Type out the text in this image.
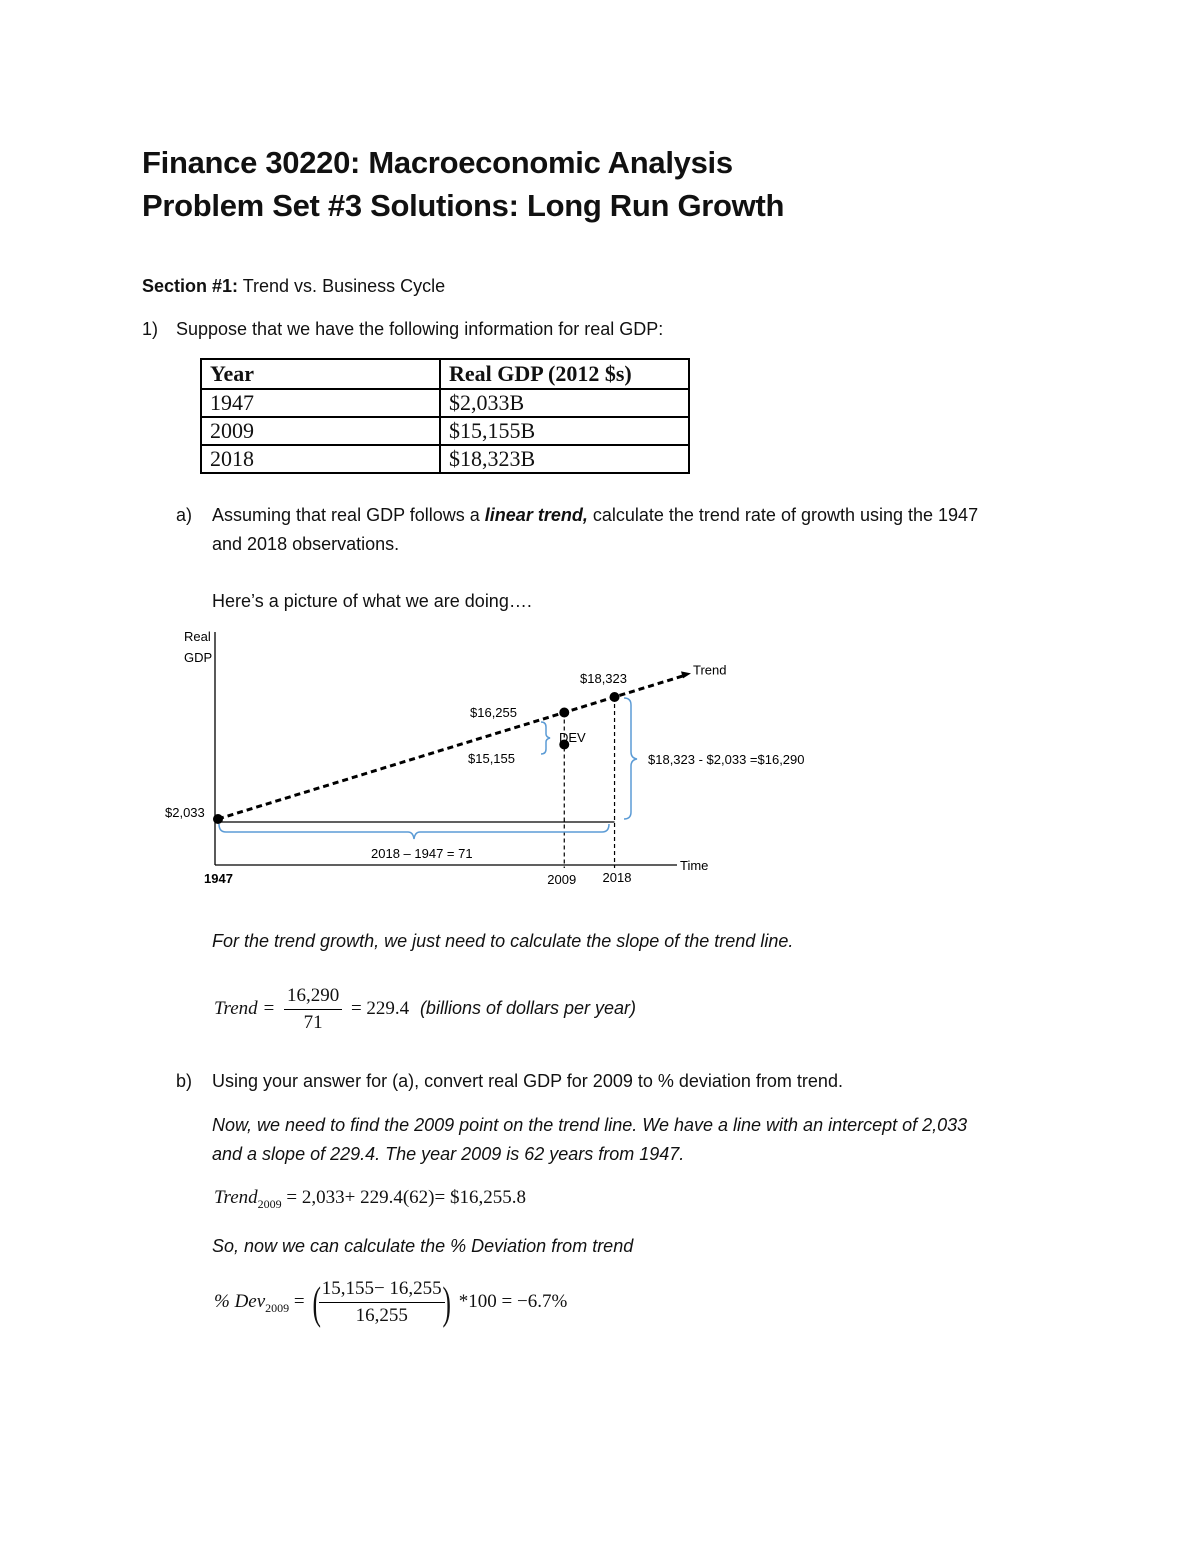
Finance 30220: Macroeconomic Analysis
Problem Set #3 Solutions: Long Run Growth
Section #1: Trend vs. Business Cycle
1) Suppose that we have the following information for real GDP:
Year	Real GDP (2012 $s)
1947	$2,033B
2009	$15,155B
2018	$18,323B
a) Assuming that real GDP follows a linear trend, calculate the trend rate of growth using the 1947
and 2018 observations.
Here’s a picture of what we are doing….
Real
GDP
Time
Trend
$2,033
$16,255
$15,155
$18,323
1947	2009 2018
DEV
$18,323 - $2,033 =$16,290
2018 – 1947 = 71
For the trend growth, we just need to calculate the slope of the trend line.
Trend = $\frac{16,290}{71} = 229.4$ (billions of dollars per year)
b) Using your answer for (a), convert real GDP for 2009 to % deviation from trend.
Now, we need to find the 2009 point on the trend line. We have a line with an intercept of 2,033
and a slope of 229.4. The year 2009 is 62 years from 1947.
Trend$_{2009}$ = 2,033+ 229.4(62)= $16,255.8
So, now we can calculate the % Deviation from trend
% Dev$_{2009}$ = (
$\frac{15,155- 16,255}{16,255}$
) *100 = −6.7%
